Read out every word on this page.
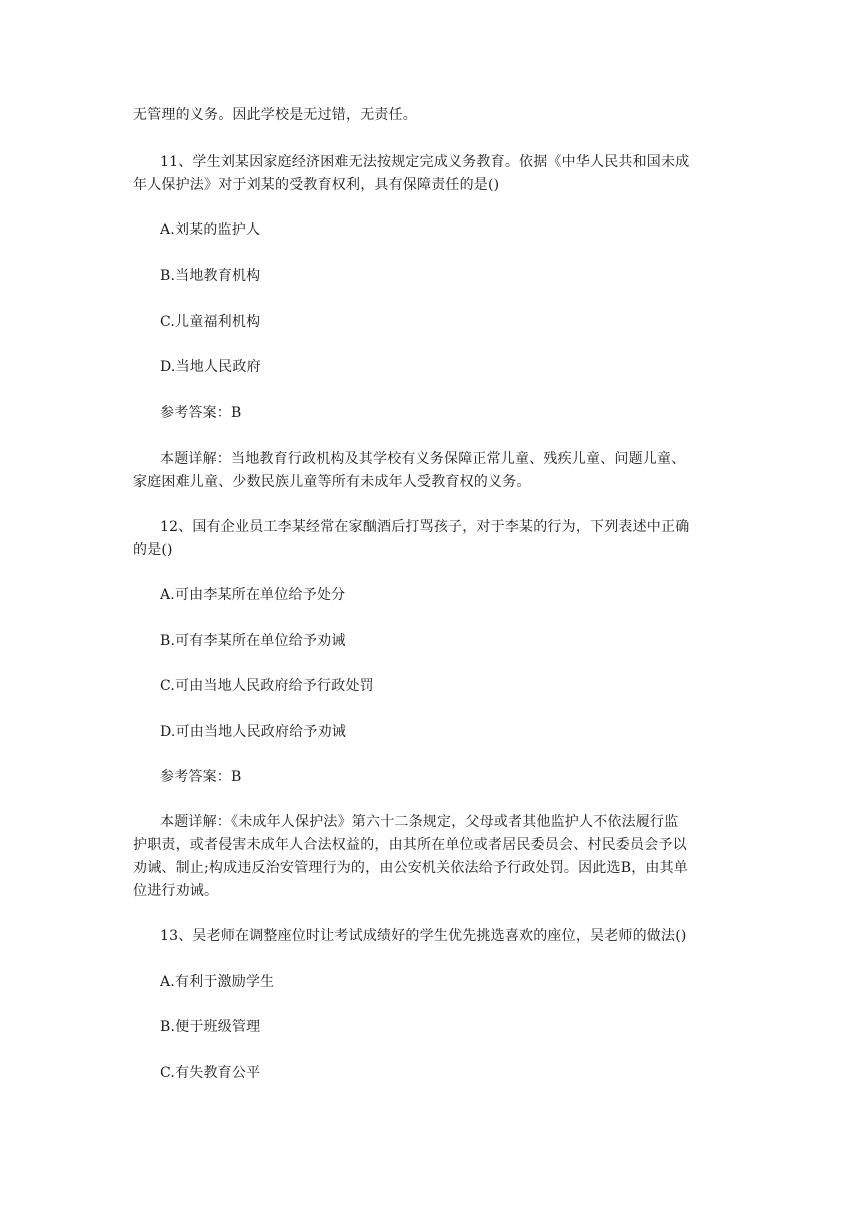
无管理的义务。因此学校是无过错，无责任。
11、学生刘某因家庭经济困难无法按规定完成义务教育。依据《中华人民共和国未成
年人保护法》对于刘某的受教育权利，具有保障责任的是()
A.刘某的监护人
B.当地教育机构
C.儿童福利机构
D.当地人民政府
参考答案：B
本题详解：当地教育行政机构及其学校有义务保障正常儿童、残疾儿童、问题儿童、
家庭困难儿童、少数民族儿童等所有未成年人受教育权的义务。
12、国有企业员工李某经常在家酗酒后打骂孩子，对于李某的行为，下列表述中正确
的是()
A.可由李某所在单位给予处分
B.可有李某所在单位给予劝诫
C.可由当地人民政府给予行政处罚
D.可由当地人民政府给予劝诫
参考答案：B
本题详解：《未成年人保护法》第六十二条规定，父母或者其他监护人不依法履行监
护职责，或者侵害未成年人合法权益的，由其所在单位或者居民委员会、村民委员会予以
劝诫、制止;构成违反治安管理行为的，由公安机关依法给予行政处罚。因此选B，由其单
位进行劝诫。
13、吴老师在调整座位时让考试成绩好的学生优先挑选喜欢的座位，吴老师的做法()
A.有利于激励学生
B.便于班级管理
C.有失教育公平
